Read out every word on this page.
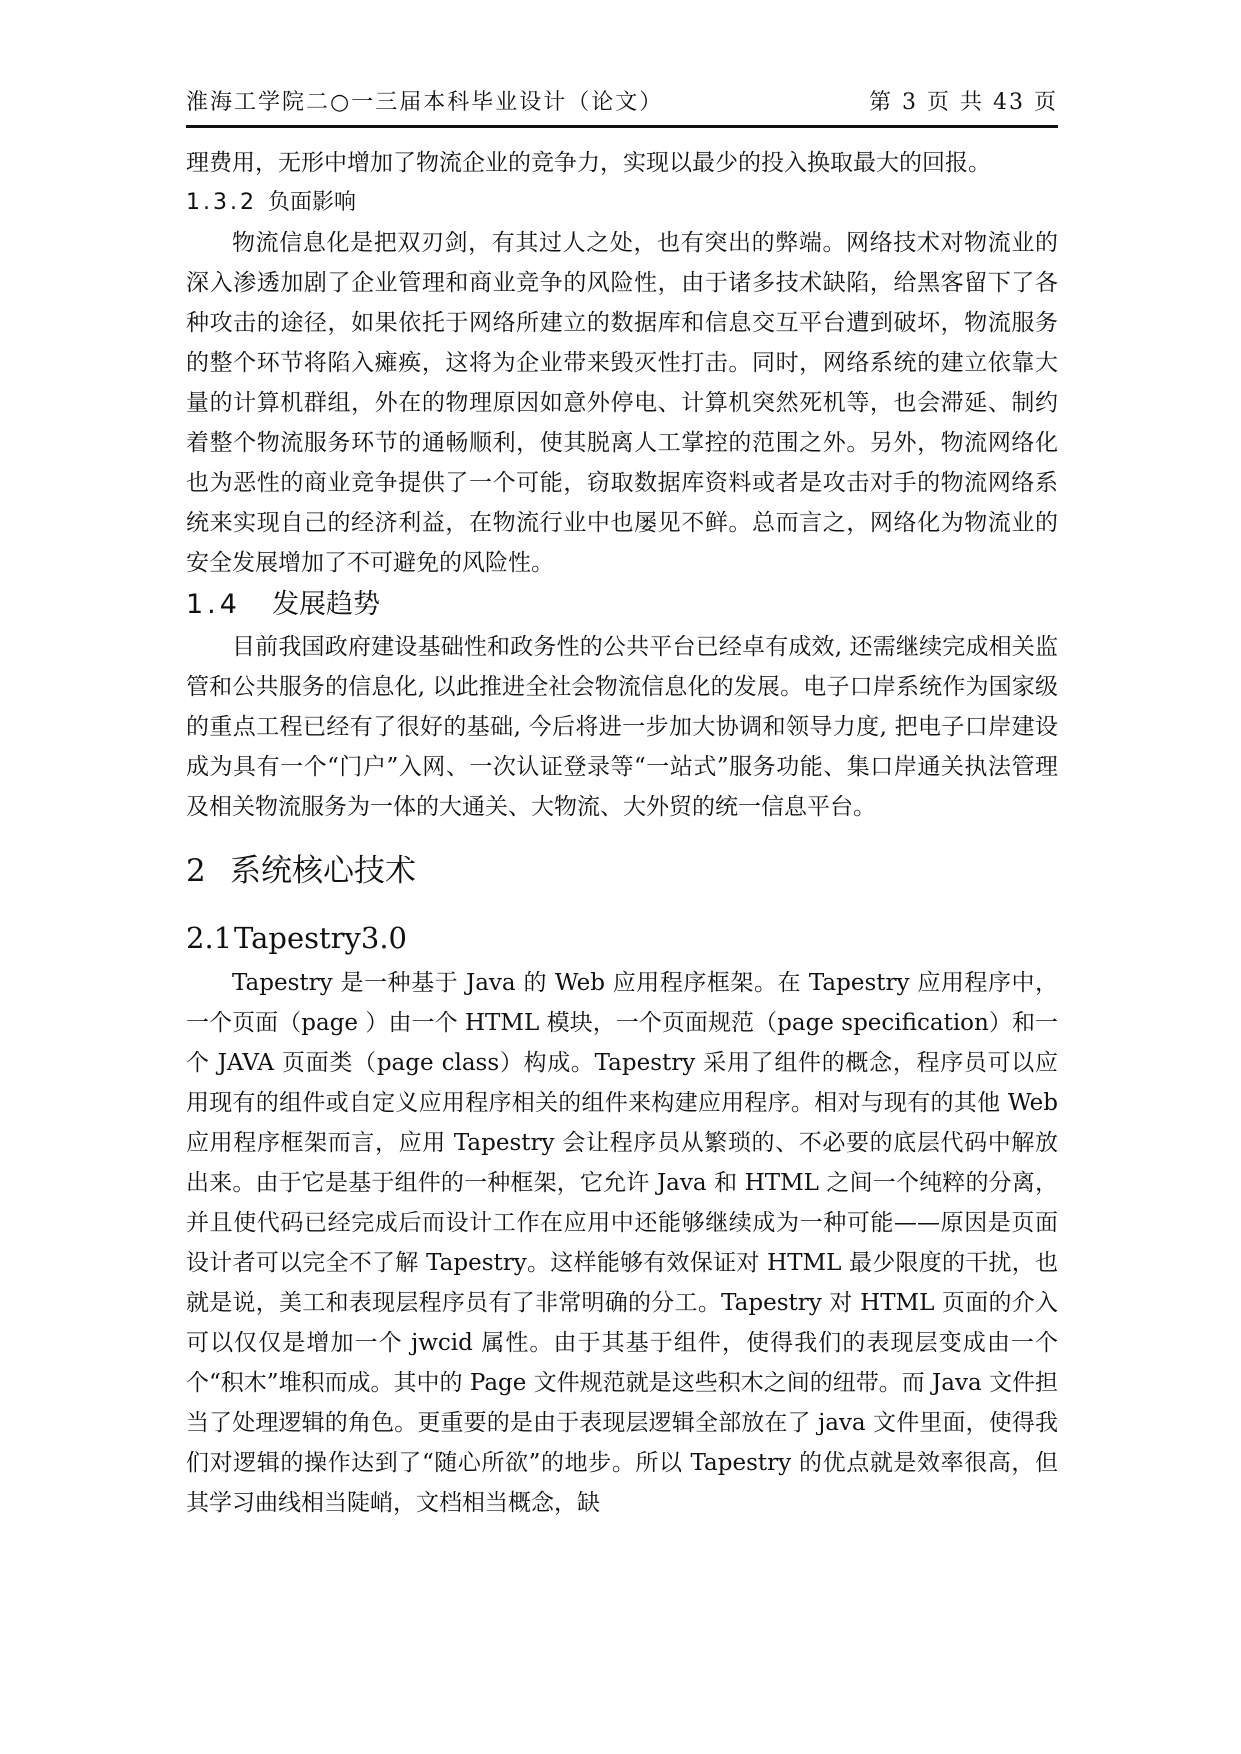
淮海工学院二○一三届本科毕业设计（论文）	第 3 页 共 43 页

理费用，无形中增加了物流企业的竞争力，实现以最少的投入换取最大的回报。

1.3.2 负面影响

物流信息化是把双刃剑，有其过人之处，也有突出的弊端。网络技术对物流业的深入渗透加剧了企业管理和商业竞争的风险性，由于诸多技术缺陷，给黑客留下了各种攻击的途径，如果依托于网络所建立的数据库和信息交互平台遭到破坏，物流服务的整个环节将陷入瘫痪，这将为企业带来毁灭性打击。同时，网络系统的建立依靠大量的计算机群组，外在的物理原因如意外停电、计算机突然死机等，也会滞延、制约着整个物流服务环节的通畅顺利，使其脱离人工掌控的范围之外。另外，物流网络化也为恶性的商业竞争提供了一个可能，窃取数据库资料或者是攻击对手的物流网络系统来实现自己的经济利益，在物流行业中也屡见不鲜。总而言之，网络化为物流业的安全发展增加了不可避免的风险性。

1.4 发展趋势

目前我国政府建设基础性和政务性的公共平台已经卓有成效, 还需继续完成相关监管和公共服务的信息化, 以此推进全社会物流信息化的发展。电子口岸系统作为国家级的重点工程已经有了很好的基础, 今后将进一步加大协调和领导力度, 把电子口岸建设成为具有一个“门户”入网、一次认证登录等“一站式”服务功能、集口岸通关执法管理及相关物流服务为一体的大通关、大物流、大外贸的统一信息平台。

2 系统核心技术
2.1Tapestry3.0

Tapestry 是一种基于 Java 的 Web 应用程序框架。在 Tapestry 应用程序中，一个页面（page ）由一个 HTML 模块，一个页面规范（page specification）和一个 JAVA 页面类（page class）构成。Tapestry 采用了组件的概念，程序员可以应用现有的组件或自定义应用程序相关的组件来构建应用程序。相对与现有的其他 Web 应用程序框架而言，应用 Tapestry 会让程序员从繁琐的、不必要的底层代码中解放出来。由于它是基于组件的一种框架，它允许 Java 和 HTML 之间一个纯粹的分离，并且使代码已经完成后而设计工作在应用中还能够继续成为一种可能——原因是页面设计者可以完全不了解 Tapestry。这样能够有效保证对 HTML 最少限度的干扰，也就是说，美工和表现层程序员有了非常明确的分工。Tapestry 对 HTML 页面的介入可以仅仅是增加一个 jwcid 属性。由于其基于组件，使得我们的表现层变成由一个个“积木”堆积而成。其中的 Page 文件规范就是这些积木之间的纽带。而 Java 文件担当了处理逻辑的角色。更重要的是由于表现层逻辑全部放在了 java 文件里面，使得我们对逻辑的操作达到了“随心所欲”的地步。所以 Tapestry 的优点就是效率很高，但其学习曲线相当陡峭，文档相当概念，缺
